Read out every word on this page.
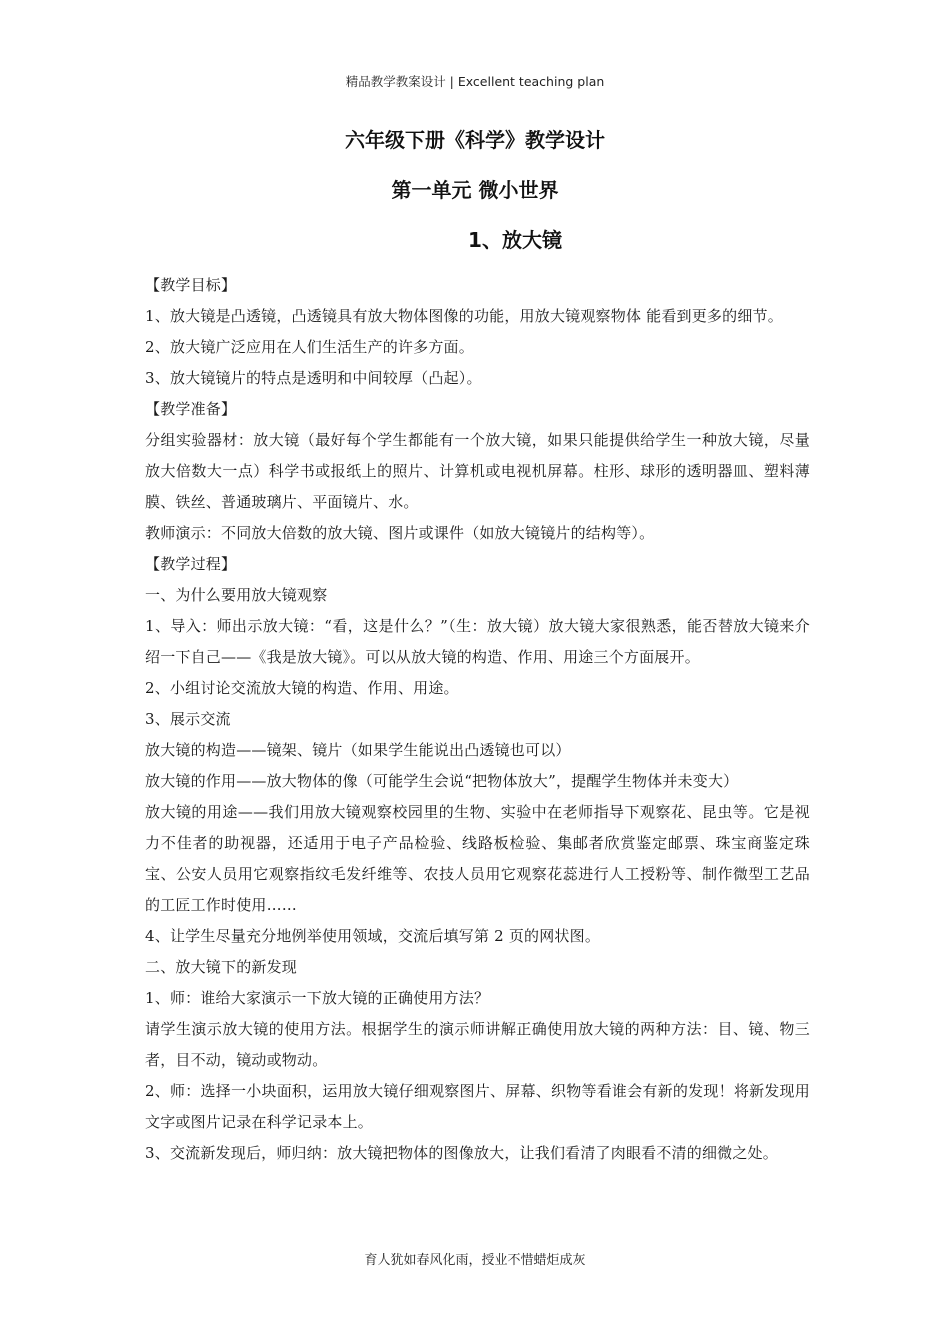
精品教学教案设计 | Excellent teaching plan
六年级下册《科学》教学设计
第一单元 微小世界
1、放大镜

【教学目标】

1、放大镜是凸透镜，凸透镜具有放大物体图像的功能，用放大镜观察物体 能看到更多的细节。

2、放大镜广泛应用在人们生活生产的许多方面。

3、放大镜镜片的特点是透明和中间较厚（凸起）。

【教学准备】

分组实验器材：放大镜（最好每个学生都能有一个放大镜，如果只能提供给学生一种放大镜，尽量放大倍数大一点）科学书或报纸上的照片、计算机或电视机屏幕。柱形、球形的透明器皿、塑料薄膜、铁丝、普通玻璃片、平面镜片、水。

教师演示：不同放大倍数的放大镜、图片或课件（如放大镜镜片的结构等）。

【教学过程】

一、为什么要用放大镜观察

1、导入：师出示放大镜：“看，这是什么？”（生：放大镜）放大镜大家很熟悉，能否替放大镜来介绍一下自己——《我是放大镜》。可以从放大镜的构造、作用、用途三个方面展开。

2、小组讨论交流放大镜的构造、作用、用途。

3、展示交流

放大镜的构造——镜架、镜片（如果学生能说出凸透镜也可以）

放大镜的作用——放大物体的像（可能学生会说“把物体放大”，提醒学生物体并未变大）

放大镜的用途——我们用放大镜观察校园里的生物、实验中在老师指导下观察花、昆虫等。它是视力不佳者的助视器，还适用于电子产品检验、线路板检验、集邮者欣赏鉴定邮票、珠宝商鉴定珠宝、公安人员用它观察指纹毛发纤维等、农技人员用它观察花蕊进行人工授粉等、制作微型工艺品的工匠工作时使用……

4、让学生尽量充分地例举使用领域，交流后填写第 2 页的网状图。

二、放大镜下的新发现

1、师：谁给大家演示一下放大镜的正确使用方法？

请学生演示放大镜的使用方法。根据学生的演示师讲解正确使用放大镜的两种方法：目、镜、物三者，目不动，镜动或物动。

2、师：选择一小块面积，运用放大镜仔细观察图片、屏幕、织物等看谁会有新的发现！将新发现用文字或图片记录在科学记录本上。

3、交流新发现后，师归纳：放大镜把物体的图像放大，让我们看清了肉眼看不清的细微之处。

育人犹如春风化雨，授业不惜蜡炬成灰
